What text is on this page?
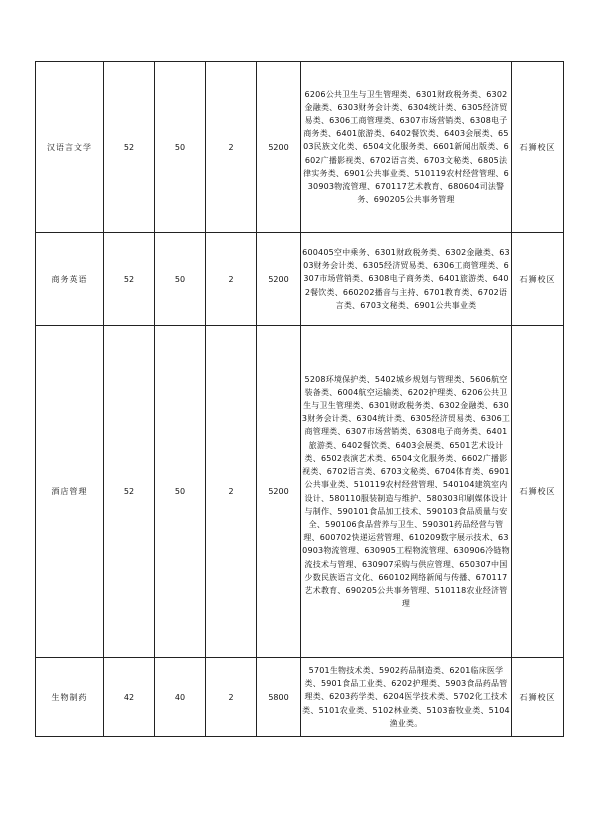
汉语言文学	52	50	2	5200	6206公共卫生与卫生管理类、6301财政税务类、6302金融类、6303财务会计类、6304统计类、6305经济贸易类、6306工商管理类、6307市场营销类、6308电子商务类、6401旅游类、6402餐饮类、6403会展类、6503民族文化类、6504文化服务类、6601新闻出版类、6602广播影视类、6702语言类、6703文秘类、6805法律实务类、6901公共事业类、510119农村经营管理、630903物流管理、670117艺术教育、680604司法警务、690205公共事务管理	石狮校区
商务英语	52	50	2	5200	600405空中乘务、6301财政税务类、6302金融类、6303财务会计类、6305经济贸易类、6306工商管理类、6307市场营销类、6308电子商务类、6401旅游类、6402餐饮类、660202播音与主持、6701教育类、6702语言类、6703文秘类、6901公共事业类	石狮校区
酒店管理	52	50	2	5200	5208环境保护类、5402城乡规划与管理类、5606航空装备类、6004航空运输类、6202护理类、6206公共卫生与卫生管理类、6301财政税务类、6302金融类、6303财务会计类、6304统计类、6305经济贸易类、6306工商管理类、6307市场营销类、6308电子商务类、6401旅游类、6402餐饮类、6403会展类、6501艺术设计类、6502表演艺术类、6504文化服务类、6602广播影视类、6702语言类、6703文秘类、6704体育类、6901公共事业类、510119农村经营管理、540104建筑室内设计、580110服装制造与维护、580303印刷媒体设计与制作、590101食品加工技术、590103食品质量与安全、590106食品营养与卫生、590301药品经营与管理、600702快递运营管理、610209数字展示技术、630903物流管理、630905工程物流管理、630906冷链物流技术与管理、630907采购与供应管理、650307中国少数民族语言文化、660102网络新闻与传播、670117艺术教育、690205公共事务管理、510118农业经济管理	石狮校区
生物制药	42	40	2	5800	5701生物技术类、5902药品制造类、6201临床医学类、5901食品工业类、6202护理类、5903食品药品管理类、6203药学类、6204医学技术类、5702化工技术类、5101农业类、5102林业类、5103畜牧业类、5104渔业类。	石狮校区
